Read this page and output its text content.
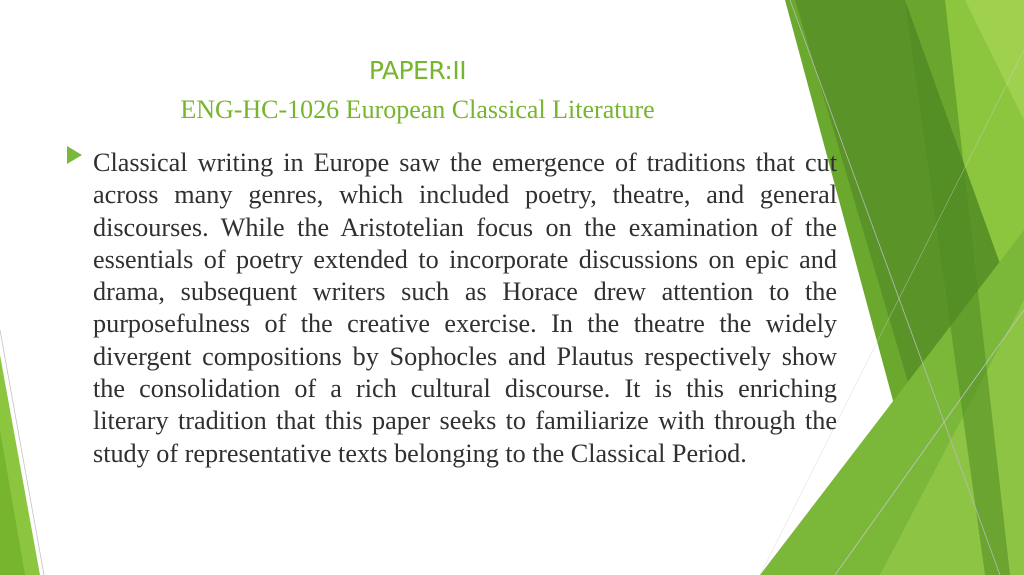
PAPER:II
ENG-HC-1026 European Classical Literature

Classical writing in Europe saw the emergence of traditions that cut across many genres, which included poetry, theatre, and general discourses. While the Aristotelian focus on the examination of the essentials of poetry extended to incorporate discussions on epic and drama, subsequent writers such as Horace drew attention to the purposefulness of the creative exercise. In the theatre the widely divergent compositions by Sophocles and Plautus respectively show the consolidation of a rich cultural discourse. It is this enriching literary tradition that this paper seeks to familiarize with through the study of representative texts belonging to the Classical Period.
